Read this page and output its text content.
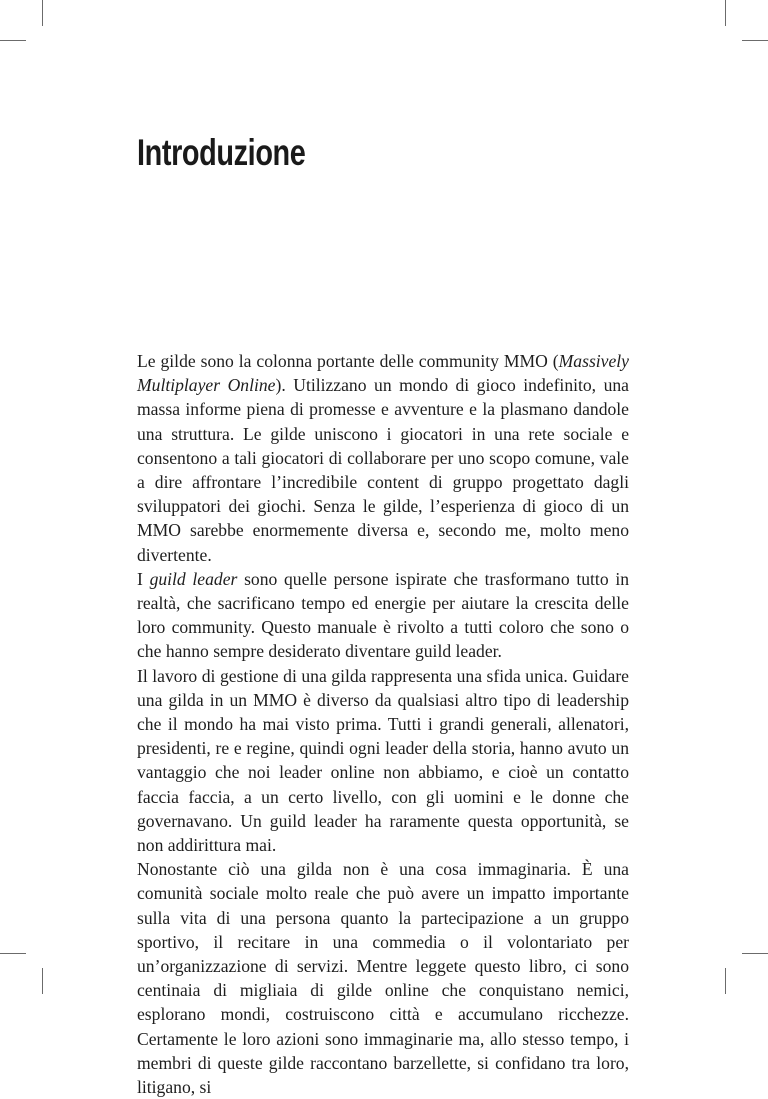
Introduzione

Le gilde sono la colonna portante delle community MMO (Massively Multiplayer Online). Utilizzano un mondo di gioco indefinito, una massa informe piena di promesse e avventure e la plasmano dandole una struttura. Le gilde uniscono i giocatori in una rete sociale e consentono a tali giocatori di collaborare per uno scopo comune, vale a dire affrontare l’incredibile content di gruppo progettato dagli sviluppatori dei giochi. Senza le gilde, l’esperienza di gioco di un MMO sarebbe enormemente diversa e, secondo me, molto meno divertente.

I guild leader sono quelle persone ispirate che trasformano tutto in realtà, che sacrificano tempo ed energie per aiutare la crescita delle loro community. Questo manuale è rivolto a tutti coloro che sono o che hanno sempre desiderato diventare guild leader.

Il lavoro di gestione di una gilda rappresenta una sfida unica. Guidare una gilda in un MMO è diverso da qualsiasi altro tipo di leadership che il mondo ha mai visto prima. Tutti i grandi generali, allenatori, presidenti, re e regine, quindi ogni leader della storia, hanno avuto un vantaggio che noi leader online non abbiamo, e cioè un contatto faccia faccia, a un certo livello, con gli uomini e le donne che governavano. Un guild leader ha raramente questa opportunità, se non addirittura mai.

Nonostante ciò una gilda non è una cosa immaginaria. È una comunità sociale molto reale che può avere un impatto importante sulla vita di una persona quanto la partecipazione a un gruppo sportivo, il recitare in una commedia o il volontariato per un’organizzazione di servizi. Mentre leggete questo libro, ci sono centinaia di migliaia di gilde online che conquistano nemici, esplorano mondi, costruiscono città e accumulano ricchezze. Certamente le loro azioni sono immaginarie ma, allo stesso tempo, i membri di queste gilde raccontano barzellette, si confidano tra loro, litigano, si
